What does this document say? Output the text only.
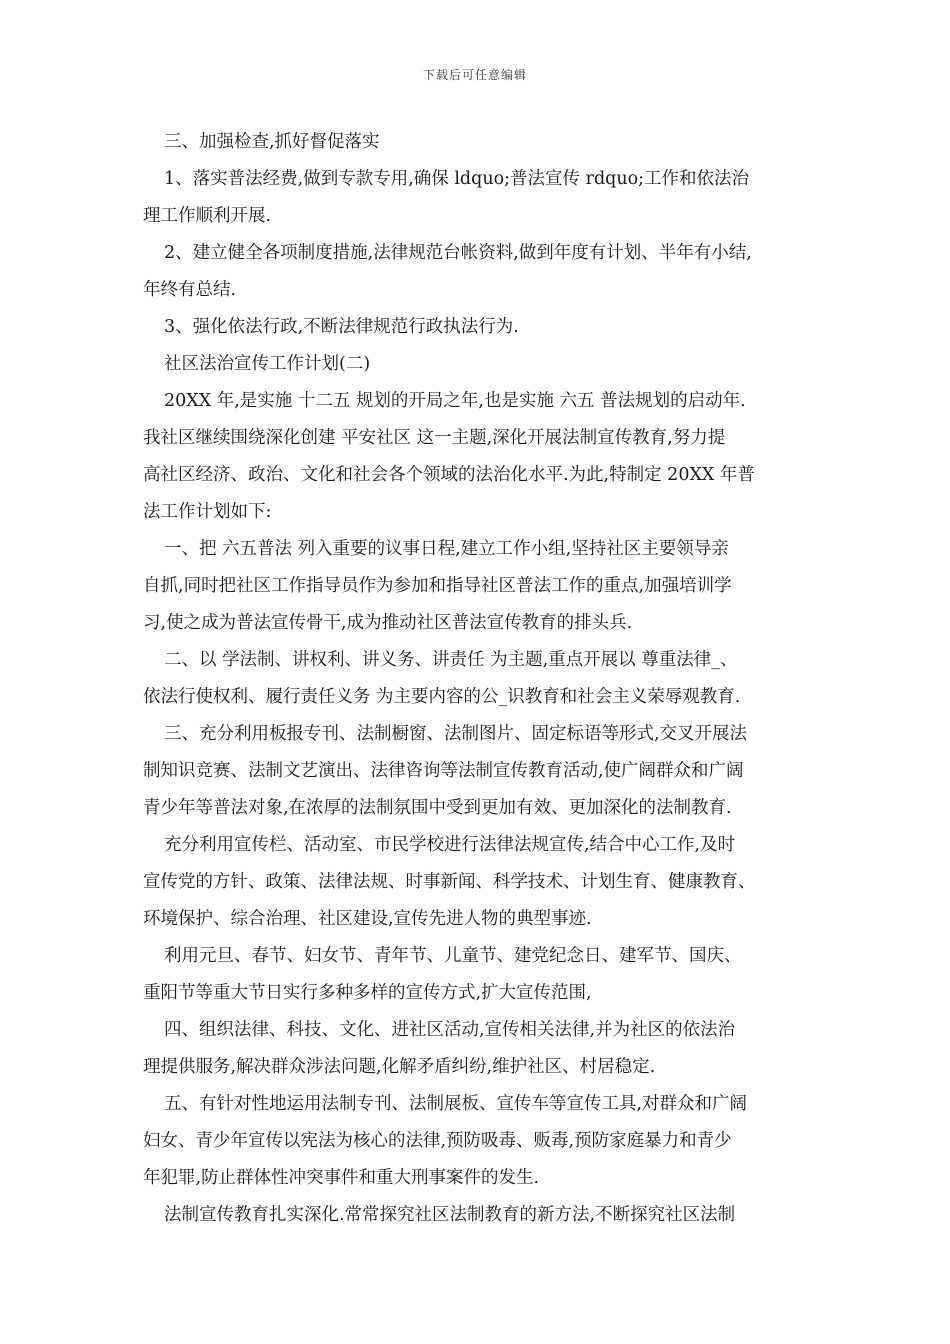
下载后可任意编辑
三、加强检查,抓好督促落实
1、落实普法经费,做到专款专用,确保 ldquo;普法宣传 rdquo;工作和依法治
理工作顺利开展.
2、建立健全各项制度措施,法律规范台帐资料,做到年度有计划、半年有小结,
年终有总结.
3、强化依法行政,不断法律规范行政执法行为.
社区法治宣传工作计划(二)
20XX 年,是实施 十二五 规划的开局之年,也是实施 六五 普法规划的启动年.
我社区继续围绕深化创建 平安社区 这一主题,深化开展法制宣传教育,努力提
高社区经济、政治、文化和社会各个领域的法治化水平.为此,特制定 20XX 年普
法工作计划如下:
一、把 六五普法 列入重要的议事日程,建立工作小组,坚持社区主要领导亲
自抓,同时把社区工作指导员作为参加和指导社区普法工作的重点,加强培训学
习,使之成为普法宣传骨干,成为推动社区普法宣传教育的排头兵.
二、以 学法制、讲权利、讲义务、讲责任 为主题,重点开展以 尊重法律_、
依法行使权利、履行责任义务 为主要内容的公_识教育和社会主义荣辱观教育.
三、充分利用板报专刊、法制橱窗、法制图片、固定标语等形式,交叉开展法
制知识竞赛、法制文艺演出、法律咨询等法制宣传教育活动,使广阔群众和广阔
青少年等普法对象,在浓厚的法制氛围中受到更加有效、更加深化的法制教育.
充分利用宣传栏、活动室、市民学校进行法律法规宣传,结合中心工作,及时
宣传党的方针、政策、法律法规、时事新闻、科学技术、计划生育、健康教育、
环境保护、综合治理、社区建设,宣传先进人物的典型事迹.
利用元旦、春节、妇女节、青年节、儿童节、建党纪念日、建军节、国庆、
重阳节等重大节日实行多种多样的宣传方式,扩大宣传范围,
四、组织法律、科技、文化、进社区活动,宣传相关法律,并为社区的依法治
理提供服务,解决群众涉法问题,化解矛盾纠纷,维护社区、村居稳定.
五、有针对性地运用法制专刊、法制展板、宣传车等宣传工具,对群众和广阔
妇女、青少年宣传以宪法为核心的法律,预防吸毒、贩毒,预防家庭暴力和青少
年犯罪,防止群体性冲突事件和重大刑事案件的发生.
法制宣传教育扎实深化.常常探究社区法制教育的新方法,不断探究社区法制
